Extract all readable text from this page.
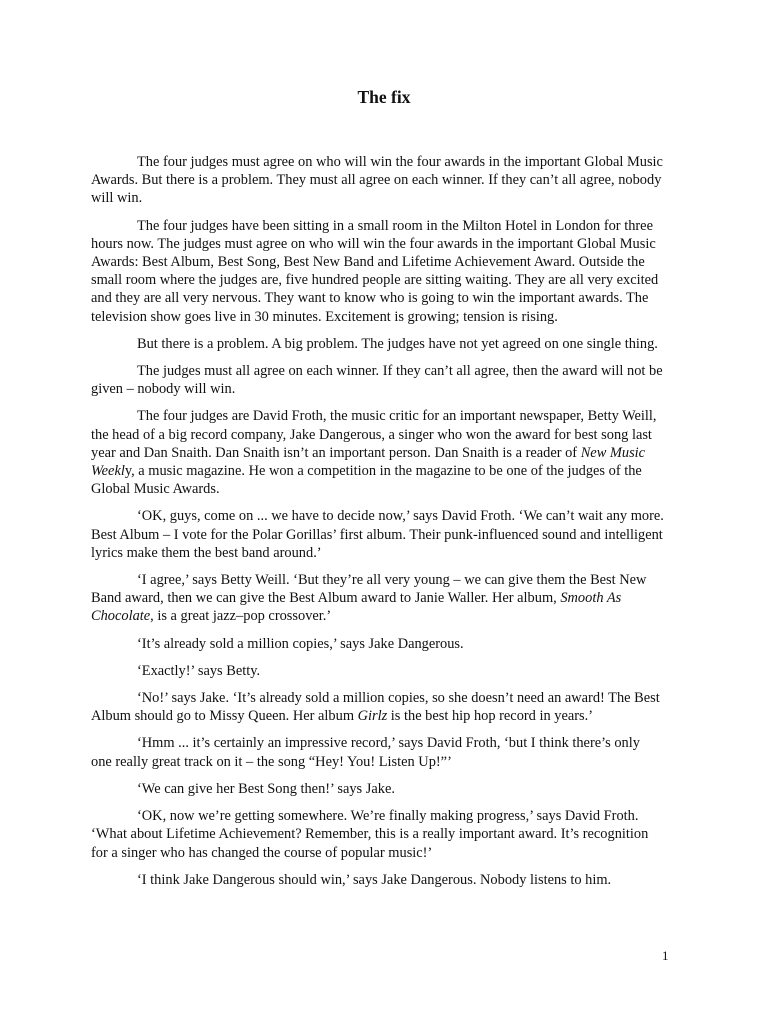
The fix

The four judges must agree on who will win the four awards in the important Global Music Awards. But there is a problem. They must all agree on each winner. If they can’t all agree, nobody will win.

The four judges have been sitting in a small room in the Milton Hotel in London for three hours now. The judges must agree on who will win the four awards in the important Global Music Awards: Best Album, Best Song, Best New Band and Lifetime Achievement Award. Outside the small room where the judges are, five hundred people are sitting waiting. They are all very excited and they are all very nervous. They want to know who is going to win the important awards. The television show goes live in 30 minutes. Excitement is growing; tension is rising.

But there is a problem. A big problem. The judges have not yet agreed on one single thing.

The judges must all agree on each winner. If they can’t all agree, then the award will not be given – nobody will win.

The four judges are David Froth, the music critic for an important newspaper, Betty Weill, the head of a big record company, Jake Dangerous, a singer who won the award for best song last year and Dan Snaith. Dan Snaith isn’t an important person. Dan Snaith is a reader of New Music Weekly, a music magazine. He won a competition in the magazine to be one of the judges of the Global Music Awards.

‘OK, guys, come on ... we have to decide now,’ says David Froth. ‘We can’t wait any more. Best Album – I vote for the Polar Gorillas’ first album. Their punk-influenced sound and intelligent lyrics make them the best band around.’

‘I agree,’ says Betty Weill. ‘But they’re all very young – we can give them the Best New Band award, then we can give the Best Album award to Janie Waller. Her album, Smooth As Chocolate, is a great jazz–pop crossover.’

‘It’s already sold a million copies,’ says Jake Dangerous.

‘Exactly!’ says Betty.

‘No!’ says Jake. ‘It’s already sold a million copies, so she doesn’t need an award! The Best Album should go to Missy Queen. Her album Girlz is the best hip hop record in years.’

‘Hmm ... it’s certainly an impressive record,’ says David Froth, ‘but I think there’s only one really great track on it – the song “Hey! You! Listen Up!”’

‘We can give her Best Song then!’ says Jake.

‘OK, now we’re getting somewhere. We’re finally making progress,’ says David Froth. ‘What about Lifetime Achievement? Remember, this is a really important award. It’s recognition for a singer who has changed the course of popular music!’

‘I think Jake Dangerous should win,’ says Jake Dangerous. Nobody listens to him.

1
